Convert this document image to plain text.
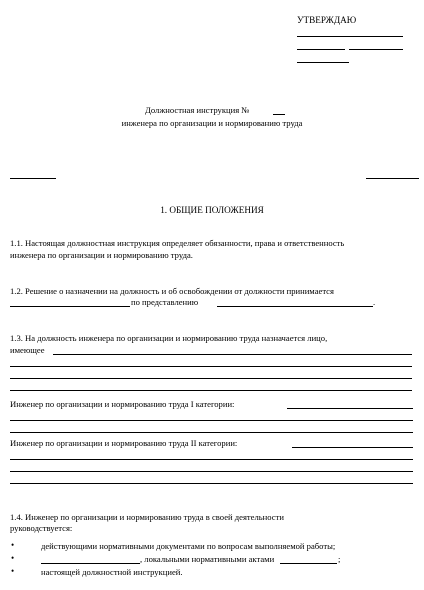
УТВЕРЖДАЮ
Должностная инструкция №
инженера по организации и нормированию труда
1. ОБЩИЕ ПОЛОЖЕНИЯ
1.1. Настоящая должностная инструкция определяет обязанности, права и ответственность
инженера по организации и нормированию труда.
1.2. Решение о назначении на должность и об освобождении от должности принимается
по представлению	.
1.3. На должность инженера по организации и нормированию труда назначается лицо,
имеющее
Инженер по организации и нормированию труда I категории:
Инженер по организации и нормированию труда II категории:
1.4. Инженер по организации и нормированию труда в своей деятельности
руководствуется:
•	действующими нормативными документами по вопросам выполняемой работы;
•	, локальными нормативными актами	;
•	настоящей должностной инструкцией.
